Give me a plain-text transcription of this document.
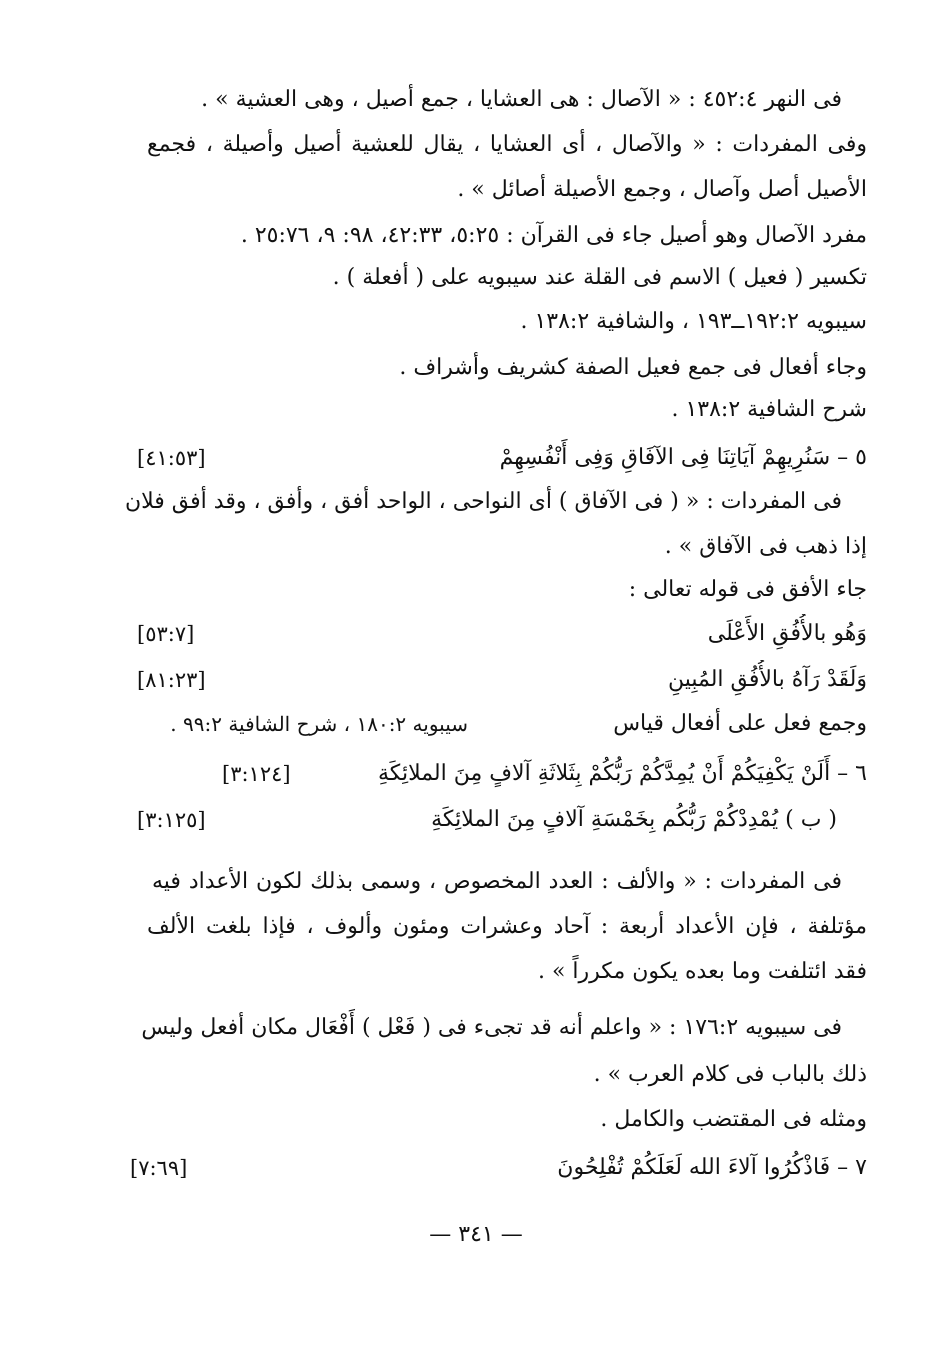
فى النهر ٤٥٢:٤ : « الآصال : هى العشايا ، جمع أصيل ، وهى العشية » .
وفى المفردات : « والآصال ، أى العشايا ، يقال للعشية أصيل وأصيلة ، فجمع
الأصيل أصل وآصال ، وجمع الأصيلة أصائل » .
مفرد الآصال وهو أصيل جاء فى القرآن : ٥:٢٥، ٤٢:٣٣، ٩٨: ٩، ٢٥:٧٦ .
تكسير ( فعيل ) الاسم فى القلة عند سيبويه على ( أفعلة ) .
سيبويه ١٩٢:٢ــ١٩٣ ، والشافية ١٣٨:٢ .
وجاء أفعال فى جمع فعيل الصفة كشريف وأشراف .
شرح الشافية ١٣٨:٢ .
٥ – سَنُرِيهِمْ آيَاتِنَا فِى الآفَاقِ وَفِى أَنْفُسِهِمْ
[٤١:٥٣]
فى المفردات : « ( فى الآفاق ) أى النواحى ، الواحد أفق ، وأفق ، وقد أفق فلان
إذا ذهب فى الآفاق » .
جاء الأفق فى قوله تعالى :
وَهُو بالأُفُقِ الأَعْلَى
[٥٣:٧]
وَلَقَدْ رَآهُ بالأُفُقِ المُبِينِ
[٨١:٢٣]
وجمع فعل على أفعال قياس
سيبويه ١٨٠:٢ ، شرح الشافية ٩٩:٢ .
٦ – أَلَنْ يَكْفِيَكُمْ أَنْ يُمِدَّكُمْ رَبُّكُمْ بِثَلاثَةِ آلافٍ مِنَ الملائِكَةِ
[٣:١٢٤]
( ب ) يُمْدِدْكُمْ رَبُّكُم بِخَمْسَةِ آلافٍ مِنَ الملائِكَةِ
[٣:١٢٥]
فى المفردات : « والألف : العدد المخصوص ، وسمى بذلك لكون الأعداد فيه
مؤتلفة ، فإن الأعداد أربعة : آحاد وعشرات ومئون وألوف ، فإذا بلغت الألف
فقد ائتلفت وما بعده يكون مكرراً » .
فى سيبويه ١٧٦:٢ : « واعلم أنه قد تجىء فى ( فَعْل ) أَفْعَال مكان أفعل وليس
ذلك بالباب فى كلام العرب » .
ومثله فى المقتضب والكامل .
٧ – فَاذْكُرُوا آلاءَ الله لَعَلَكُمْ تُفْلِحُونَ
[٧:٦٩]
— ٣٤١ —
